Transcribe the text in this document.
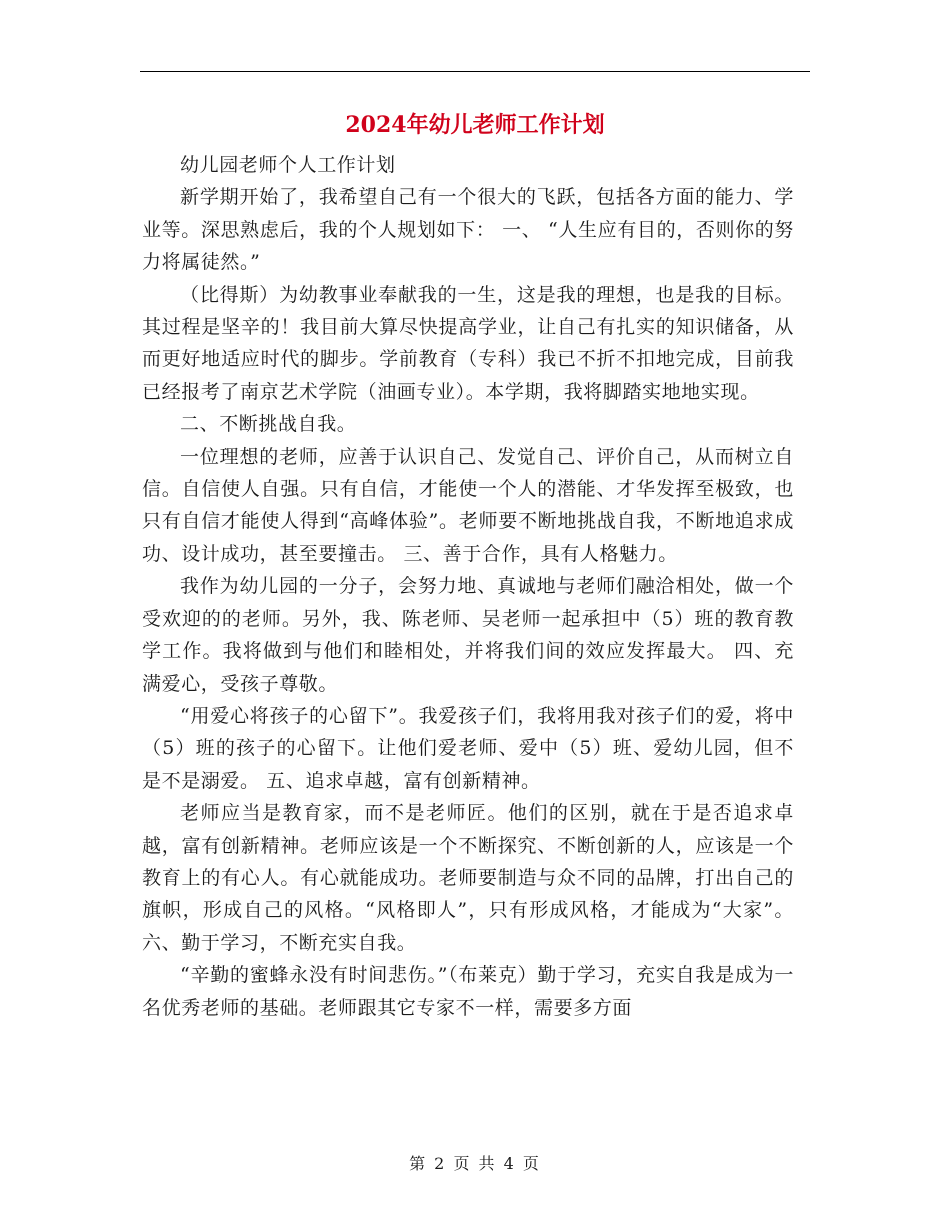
2024年幼儿老师工作计划

幼儿园老师个人工作计划

新学期开始了，我希望自己有一个很大的飞跃，包括各方面的能力、学业等。深思熟虑后，我的个人规划如下： 一、 “人生应有目的，否则你的努力将属徒然。”

（比得斯）为幼教事业奉献我的一生，这是我的理想，也是我的目标。其过程是坚辛的！我目前大算尽快提高学业，让自己有扎实的知识储备，从而更好地适应时代的脚步。学前教育（专科）我已不折不扣地完成，目前我已经报考了南京艺术学院（油画专业）。本学期，我将脚踏实地地实现。

二、不断挑战自我。

一位理想的老师，应善于认识自己、发觉自己、评价自己，从而树立自信。自信使人自强。只有自信，才能使一个人的潜能、才华发挥至极致，也只有自信才能使人得到“高峰体验”。老师要不断地挑战自我，不断地追求成功、设计成功，甚至要撞击。 三、善于合作，具有人格魅力。

我作为幼儿园的一分子，会努力地、真诚地与老师们融洽相处，做一个受欢迎的的老师。另外，我、陈老师、吴老师一起承担中（5）班的教育教学工作。我将做到与他们和睦相处，并将我们间的效应发挥最大。 四、充满爱心，受孩子尊敬。

“用爱心将孩子的心留下”。我爱孩子们，我将用我对孩子们的爱，将中（5）班的孩子的心留下。让他们爱老师、爱中（5）班、爱幼儿园，但不是不是溺爱。 五、追求卓越，富有创新精神。

老师应当是教育家，而不是老师匠。他们的区别，就在于是否追求卓越，富有创新精神。老师应该是一个不断探究、不断创新的人，应该是一个教育上的有心人。有心就能成功。老师要制造与众不同的品牌，打出自己的旗帜，形成自己的风格。“风格即人”，只有形成风格，才能成为“大家”。 六、勤于学习，不断充实自我。

“辛勤的蜜蜂永没有时间悲伤。”（布莱克）勤于学习，充实自我是成为一名优秀老师的基础。老师跟其它专家不一样，需要多方面

第 2 页 共 4 页
